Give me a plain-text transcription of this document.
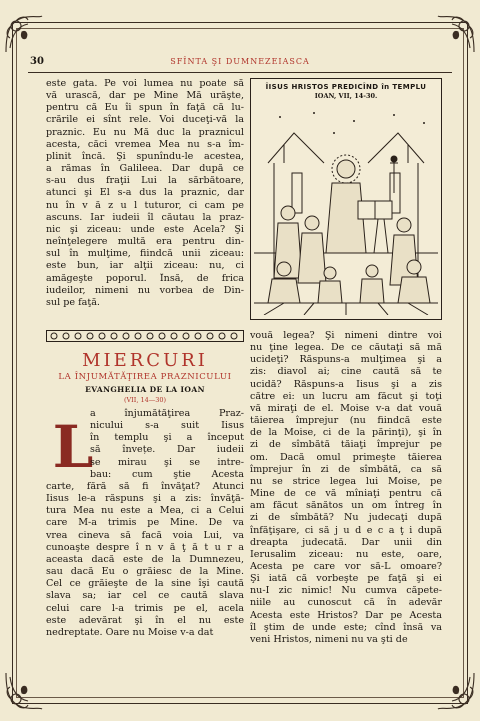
30	SFÎNTA ŞI DUMNEZEIASCA
este gata. Pe voi lumea nu poate să
vă urască, dar pe Mine Mă urăşte,
pentru că Eu îi spun în faţă că lu-
crările ei sînt rele. Voi duceţi-vă la
praznic. Eu nu Mă duc la praznicul
acesta, căci vremea Mea nu s-a îm-
plinit încă. Şi spunîndu-le acestea,
a rămas în Galileea. Dar după ce
s-au dus fraţii Lui la sărbătoare,
atunci şi El s-a dus la praznic, dar
nu în v ă z u l tuturor, ci cam pe
ascuns. Iar iudeii îl căutau la praz-
nic şi ziceau: unde este Acela? Şi
neînţelegere multă era pentru din-
sul în mulţime, fiindcă unii ziceau:
este bun, iar alţii ziceau: nu, ci
amăgeşte poporul. Însă, de frica
iudeilor, nimeni nu vorbea de Din-
sul pe faţă.
ÎISUS HRISTOS PREDICÎND în TEMPLU
IOAN, VII, 14-30.
MIERCURI
LA ÎNJUMĂTĂŢIREA PRAZNICULUI
EVANGHELIA DE LA IOAN
(VII, 14—30)
L
a înjumătăţirea Praz-
nicului s-a suit Iisus
în templu şi a început
să învețe. Dar iudeii
se mirau şi se intre-
bau: cum ştie Acesta
carte, fără să fi învăţat? Atunci
Iisus le-a răspuns şi a zis: învăţă-
tura Mea nu este a Mea, ci a Celui
care M-a trimis pe Mine. De va
vrea cineva să facă voia Lui, va
cunoaşte despre î n v ă ţ ă t u r a
aceasta dacă este de la Dumnezeu,
sau dacă Eu o grăiesc de la Mine.
Cel ce grăieşte de la sine îşi caută
slava sa; iar cel ce caută slava
celui care l-a trimis pe el, acela
este adevărat şi în el nu este
nedreptate. Oare nu Moise v-a dat
vouă legea? Şi nimeni dintre voi
nu ţine legea. De ce căutaţi să mă
ucideţi? Răspuns-a mulţimea şi a
zis: diavol ai; cine caută să te
ucidă? Răspuns-a Iisus şi a zis
către ei: un lucru am făcut şi toţi
vă miraţi de el. Moise v-a dat vouă
tăierea împrejur (nu fiindcă este
de la Moise, ci de la părinţi), şi în
zi de sîmbătă tăiaţi împrejur pe
om. Dacă omul primeşte tăierea
împrejur în zi de sîmbătă, ca să
nu se strice legea lui Moise, pe
Mine de ce vă mîniaţi pentru că
am făcut sănătos un om întreg în
zi de sîmbătă? Nu judecaţi după
înfăţişare, ci să j u d e c a ţ i după
dreapta judecată. Dar unii din
Ierusalim ziceau: nu este, oare,
Acesta pe care vor să-L omoare?
Şi iată că vorbeşte pe faţă şi ei
nu-I zic nimic! Nu cumva căpete-
niile au cunoscut că în adevăr
Acesta este Hristos? Dar pe Acesta
îl ştim de unde este; cînd însă va
veni Hristos, nimeni nu va şti de
